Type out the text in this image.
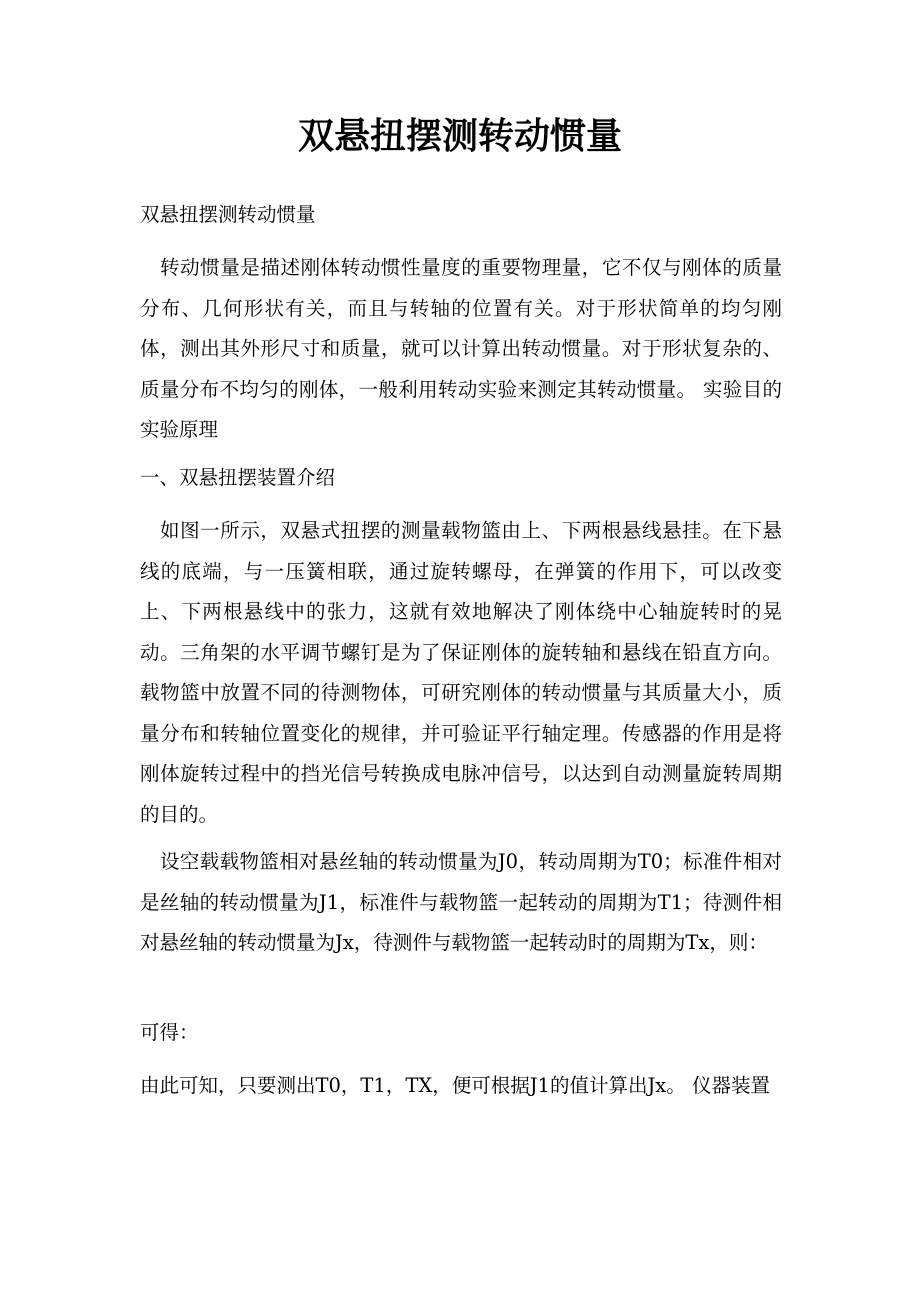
双悬扭摆测转动惯量

双悬扭摆测转动惯量

转动惯量是描述刚体转动惯性量度的重要物理量，它不仅与刚体的质量分布、几何形状有关，而且与转轴的位置有关。对于形状简单的均匀刚体，测出其外形尺寸和质量，就可以计算出转动惯量。对于形状复杂的、质量分布不均匀的刚体，一般利用转动实验来测定其转动惯量。 实验目的实验原理

一、双悬扭摆装置介绍

如图一所示，双悬式扭摆的测量载物篮由上、下两根悬线悬挂。在下悬线的底端，与一压簧相联，通过旋转螺母，在弹簧的作用下，可以改变上、下两根悬线中的张力，这就有效地解决了刚体绕中心轴旋转时的晃动。三角架的水平调节螺钉是为了保证刚体的旋转轴和悬线在铅直方向。载物篮中放置不同的待测物体，可研究刚体的转动惯量与其质量大小，质量分布和转轴位置变化的规律，并可验证平行轴定理。传感器的作用是将刚体旋转过程中的挡光信号转换成电脉冲信号，以达到自动测量旋转周期的目的。

设空载载物篮相对悬丝轴的转动惯量为J0，转动周期为T0；标准件相对是丝轴的转动惯量为J1，标准件与载物篮一起转动的周期为T1；待测件相对悬丝轴的转动惯量为Jx，待测件与载物篮一起转动时的周期为Tx，则：

可得：

由此可知，只要测出T0，T1，TX，便可根据J1的值计算出Jx。 仪器装置
